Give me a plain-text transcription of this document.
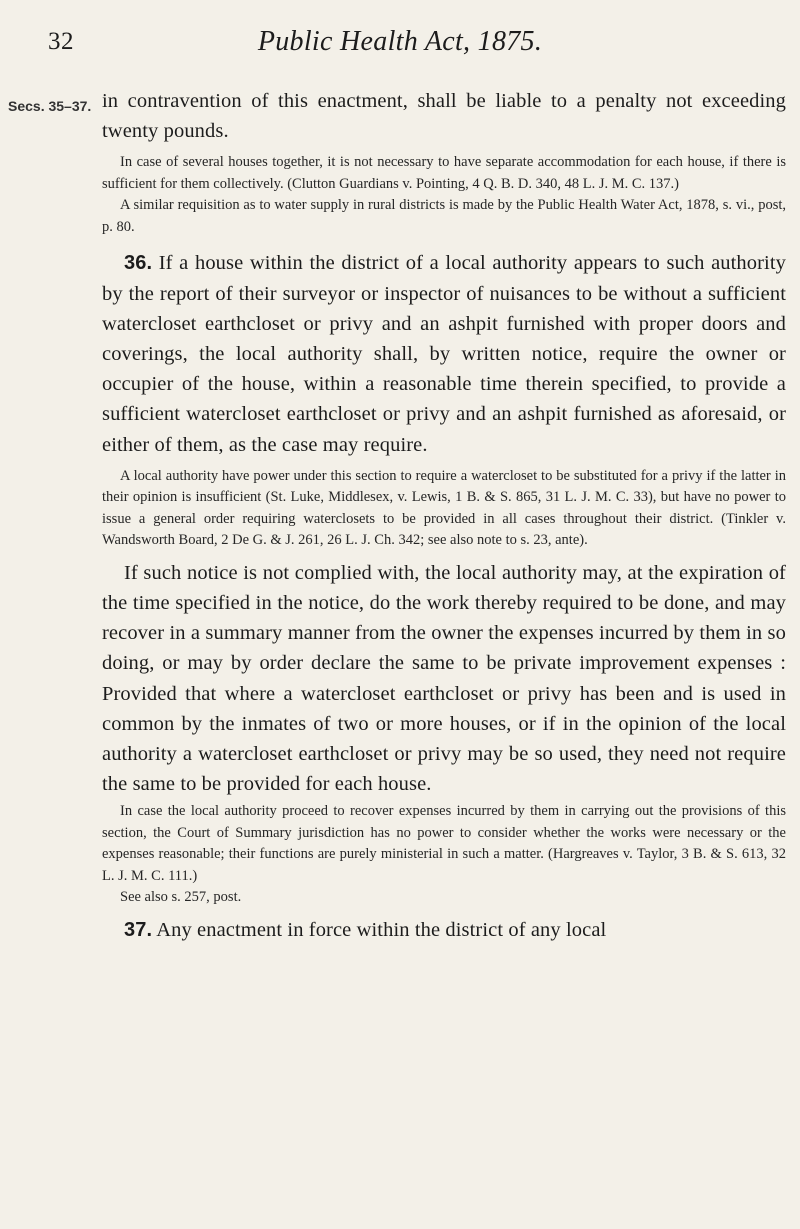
32	Public Health Act, 1875.
Secs. 35–37. in contravention of this enactment, shall be liable to a penalty not exceeding twenty pounds.

In case of several houses together, it is not necessary to have separate accommodation for each house, if there is sufficient for them collectively. (Clutton Guardians v. Pointing, 4 Q. B. D. 340, 48 L. J. M. C. 137.)

A similar requisition as to water supply in rural districts is made by the Public Health Water Act, 1878, s. vi., post, p. 80.

36. If a house within the district of a local authority appears to such authority by the report of their surveyor or inspector of nuisances to be without a sufficient watercloset earthcloset or privy and an ashpit furnished with proper doors and coverings, the local authority shall, by written notice, require the owner or occupier of the house, within a reasonable time therein specified, to provide a sufficient watercloset earthcloset or privy and an ashpit furnished as aforesaid, or either of them, as the case may require.

A local authority have power under this section to require a watercloset to be substituted for a privy if the latter in their opinion is insufficient (St. Luke, Middlesex, v. Lewis, 1 B. & S. 865, 31 L. J. M. C. 33), but have no power to issue a general order requiring waterclosets to be provided in all cases throughout their district. (Tinkler v. Wandsworth Board, 2 De G. & J. 261, 26 L. J. Ch. 342; see also note to s. 23, ante).

If such notice is not complied with, the local authority may, at the expiration of the time specified in the notice, do the work thereby required to be done, and may recover in a summary manner from the owner the expenses incurred by them in so doing, or may by order declare the same to be private improvement expenses : Provided that where a watercloset earthcloset or privy has been and is used in common by the inmates of two or more houses, or if in the opinion of the local authority a watercloset earthcloset or privy may be so used, they need not require the same to be provided for each house.

In case the local authority proceed to recover expenses incurred by them in carrying out the provisions of this section, the Court of Summary jurisdiction has no power to consider whether the works were necessary or the expenses reasonable; their functions are purely ministerial in such a matter. (Hargreaves v. Taylor, 3 B. & S. 613, 32 L. J. M. C. 111.)

See also s. 257, post.

37. Any enactment in force within the district of any local
